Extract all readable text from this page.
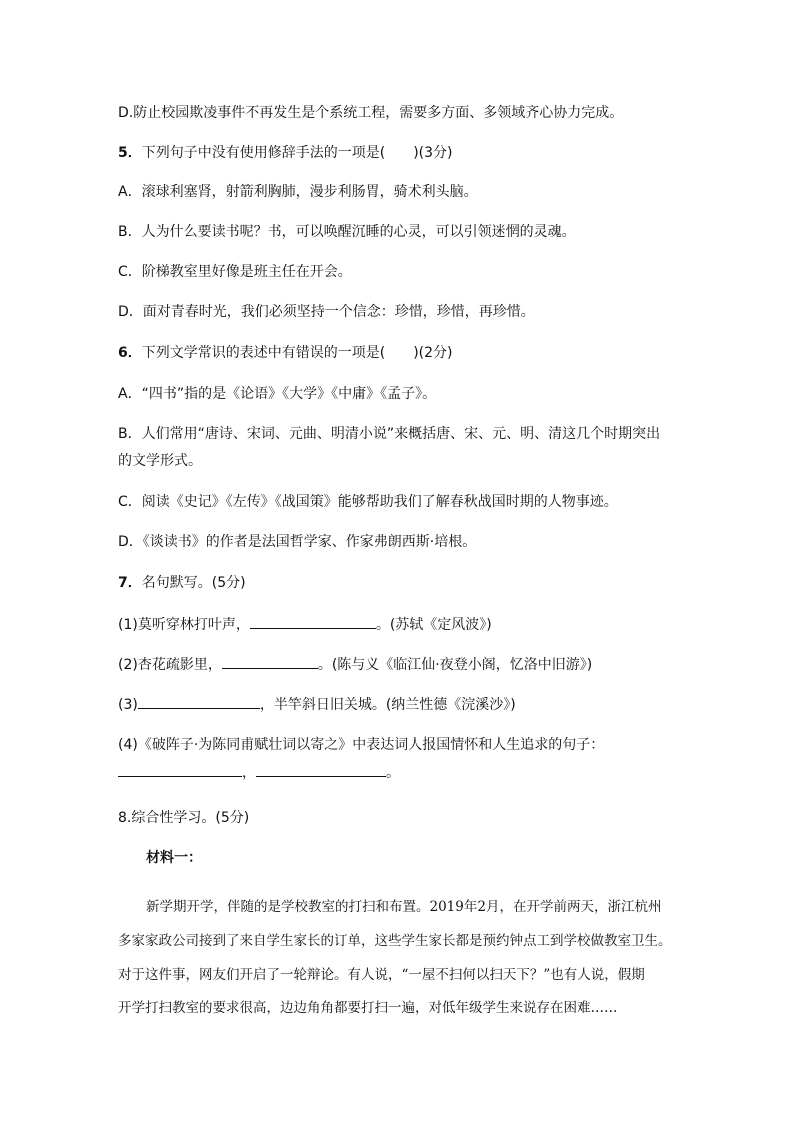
D.防止校园欺凌事件不再发生是个系统工程，需要多方面、多领域齐心协力完成。
5．下列句子中没有使用修辞手法的一项是(　　)(3分)
A．滚球利塞肾，射箭利胸肺，漫步利肠胃，骑术利头脑。
B．人为什么要读书呢？书，可以唤醒沉睡的心灵，可以引领迷惘的灵魂。
C．阶梯教室里好像是班主任在开会。
D．面对青春时光，我们必须坚持一个信念：珍惜，珍惜，再珍惜。
6．下列文学常识的表述中有错误的一项是(　　)(2分)
A．“四书”指的是《论语》《大学》《中庸》《孟子》。
B．人们常用“唐诗、宋词、元曲、明清小说”来概括唐、宋、元、明、清这几个时期突出
的文学形式。
C．阅读《史记》《左传》《战国策》能够帮助我们了解春秋战国时期的人物事迹。
D．《谈读书》的作者是法国哲学家、作家弗朗西斯·培根。
7．名句默写。(5分)
(1)莫听穿林打叶声，	。(苏轼《定风波》)
(2)杏花疏影里，	。(陈与义《临江仙·夜登小阁，忆洛中旧游》)
(3)	，半竿斜日旧关城。(纳兰性德《浣溪沙》)
(4)《破阵子·为陈同甫赋壮词以寄之》中表达词人报国情怀和人生追求的句子：
，	。
8.综合性学习。(5分)
材料一：
新学期开学，伴随的是学校教室的打扫和布置。2019年2月，在开学前两天，浙江杭州
多家家政公司接到了来自学生家长的订单，这些学生家长都是预约钟点工到学校做教室卫生。
对于这件事，网友们开启了一轮辩论。有人说，“一屋不扫何以扫天下？”也有人说，假期
开学打扫教室的要求很高，边边角角都要打扫一遍，对低年级学生来说存在困难……
